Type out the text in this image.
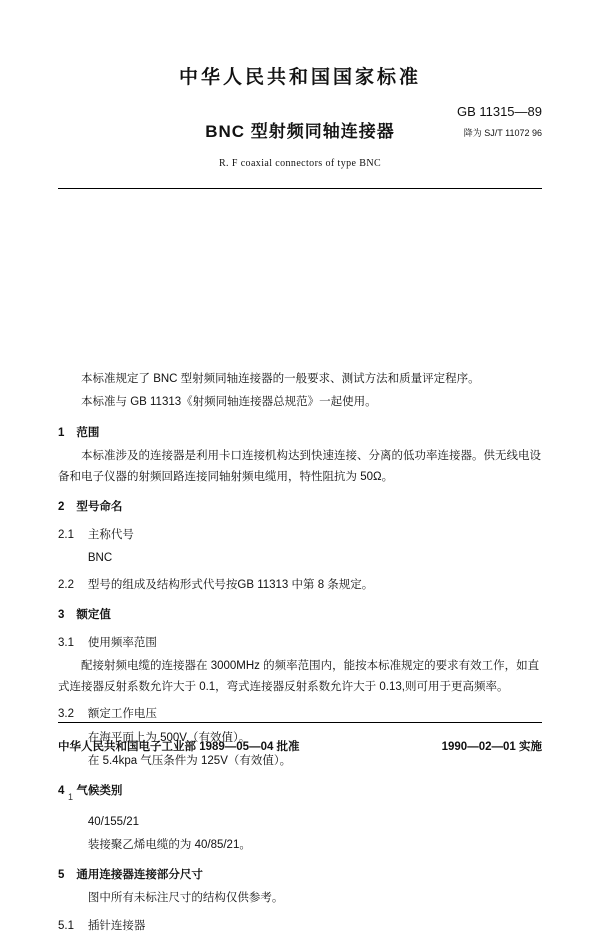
中华人民共和国国家标准
BNC 型射频同轴连接器
R. F coaxial connectors of type BNC
GB 11315—89
降为 SJ/T 11072 96

本标准规定了 BNC 型射频同轴连接器的一般要求、测试方法和质量评定程序。

本标准与 GB 11313《射频同轴连接器总规范》一起使用。

1 范围

本标准涉及的连接器是利用卡口连接机构达到快速连接、分离的低功率连接器。供无线电设备和电子仪器的射频回路连接同轴射频电缆用，特性阻抗为 50Ω。

2 型号命名

2.1 主称代号

BNC

2.2 型号的组成及结构形式代号按GB 11313 中第 8 条规定。

3 额定值

3.1 使用频率范围

配接射频电缆的连接器在 3000MHz 的频率范围内，能按本标准规定的要求有效工作，如直式连接器反射系数允许大于 0.1，弯式连接器反射系数允许大于 0.13,则可用于更高频率。

3.2 额定工作电压

在海平面上为 500V（有效值）。

在 5.4kpa 气压条件为 125V（有效值）。

4 气候类别

40/155/21

装接聚乙烯电缆的为 40/85/21。

5 通用连接器连接部分尺寸

图中所有未标注尺寸的结构仅供参考。

5.1 插针连接器

中华人民共和国电子工业部 1989—05—04 批准	1990—02—01 实施
1
